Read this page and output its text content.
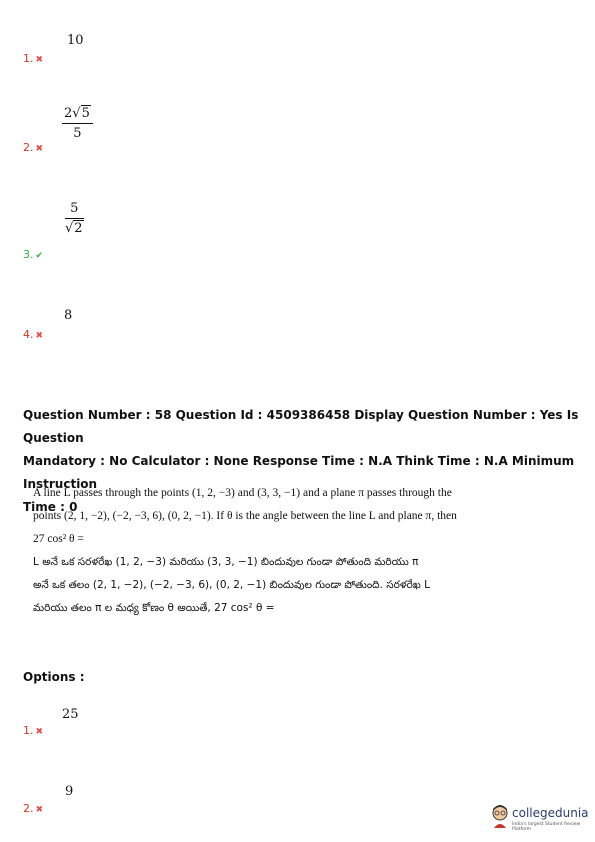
10
1. ✖
$\frac{2√5}{5}$
2. ✖
$\frac{5}{√2}$
3. ✔
8
4. ✖
Question Number : 58 Question Id : 4509386458 Display Question Number : Yes Is Question
Mandatory : No Calculator : None Response Time : N.A Think Time : N.A Minimum Instruction
Time : 0
A line L passes through the points (1, 2, −3) and (3, 3, −1) and a plane π passes through the
points (2, 1, −2), (−2, −3, 6), (0, 2, −1). If θ is the angle between the line L and plane π, then
27 cos² θ =
L అనే ఒక సరళరేఖ (1, 2, −3) మరియు (3, 3, −1) బిందువుల గుండా పోతుంది మరియు π
అనే ఒక తలం (2, 1, −2), (−2, −3, 6), (0, 2, −1) బిందువుల గుండా పోతుంది. సరళరేఖ L
మరియు తలం π ల మధ్య కోణం θ అయితే, 27 cos² θ =
Options :
25
1. ✖
9
2. ✖	collegedunia
India's largest Student Review Platform
